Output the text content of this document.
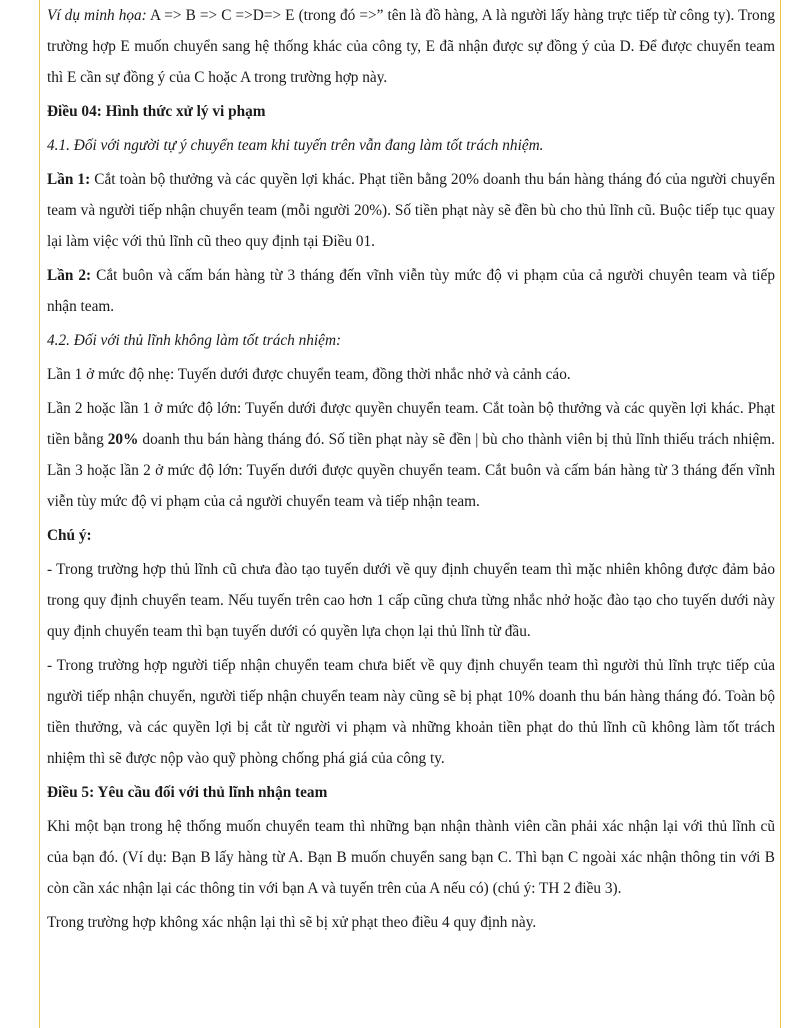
Ví dụ minh họa: A => B => C =>D=> E (trong đó =>” tên là đồ hàng, A là người lấy hàng trực tiếp từ công ty). Trong trường hợp E muốn chuyển sang hệ thống khác của công ty, E đã nhận được sự đồng ý của D. Để được chuyển team thì E cần sự đồng ý của C hoặc A trong trường hợp này.

Điều 04: Hình thức xử lý vi phạm

4.1. Đối với người tự ý chuyển team khi tuyến trên vẫn đang làm tốt trách nhiệm.

Lần 1: Cắt toàn bộ thưởng và các quyền lợi khác. Phạt tiền bằng 20% doanh thu bán hàng tháng đó của người chuyển team và người tiếp nhận chuyển team (mỗi người 20%). Số tiền phạt này sẽ đền bù cho thủ lĩnh cũ. Buộc tiếp tục quay lại làm việc với thủ lĩnh cũ theo quy định tại Điều 01.

Lần 2: Cắt buôn và cấm bán hàng từ 3 tháng đến vĩnh viễn tùy mức độ vi phạm của cả người chuyên team và tiếp nhận team.

4.2. Đối với thủ lĩnh không làm tốt trách nhiệm:

Lần 1 ở mức độ nhẹ: Tuyến dưới được chuyển team, đồng thời nhắc nhở và cảnh cáo.

Lần 2 hoặc lần 1 ở mức độ lớn: Tuyến dưới được quyền chuyển team. Cắt toàn bộ thưởng và các quyền lợi khác. Phạt tiền bằng 20% doanh thu bán hàng tháng đó. Số tiền phạt này sẽ đền | bù cho thành viên bị thủ lĩnh thiếu trách nhiệm. Lần 3 hoặc lần 2 ở mức độ lớn: Tuyến dưới được quyền chuyển team. Cắt buôn và cấm bán hàng từ 3 tháng đến vĩnh viễn tùy mức độ vi phạm của cả người chuyển team và tiếp nhận team.

Chú ý:

- Trong trường hợp thủ lĩnh cũ chưa đào tạo tuyến dưới về quy định chuyển team thì mặc nhiên không được đảm bảo trong quy định chuyển team. Nếu tuyến trên cao hơn 1 cấp cũng chưa từng nhắc nhở hoặc đào tạo cho tuyến dưới này quy định chuyển team thì bạn tuyến dưới có quyền lựa chọn lại thủ lĩnh từ đầu.

- Trong trường hợp người tiếp nhận chuyển team chưa biết về quy định chuyển team thì người thủ lĩnh trực tiếp của người tiếp nhận chuyển, người tiếp nhận chuyển team này cũng sẽ bị phạt 10% doanh thu bán hàng tháng đó. Toàn bộ tiền thưởng, và các quyền lợi bị cắt từ người vi phạm và những khoản tiền phạt do thủ lĩnh cũ không làm tốt trách nhiệm thì sẽ được nộp vào quỹ phòng chống phá giá của công ty.

Điều 5: Yêu cầu đối với thủ lĩnh nhận team

Khi một bạn trong hệ thống muốn chuyển team thì những bạn nhận thành viên cần phải xác nhận lại với thủ lĩnh cũ của bạn đó. (Ví dụ: Bạn B lấy hàng từ A. Bạn B muốn chuyển sang bạn C. Thì bạn C ngoài xác nhận thông tin với B còn cần xác nhận lại các thông tin với bạn A và tuyến trên của A nếu có) (chú ý: TH 2 điều 3).

Trong trường hợp không xác nhận lại thì sẽ bị xử phạt theo điều 4 quy định này.
